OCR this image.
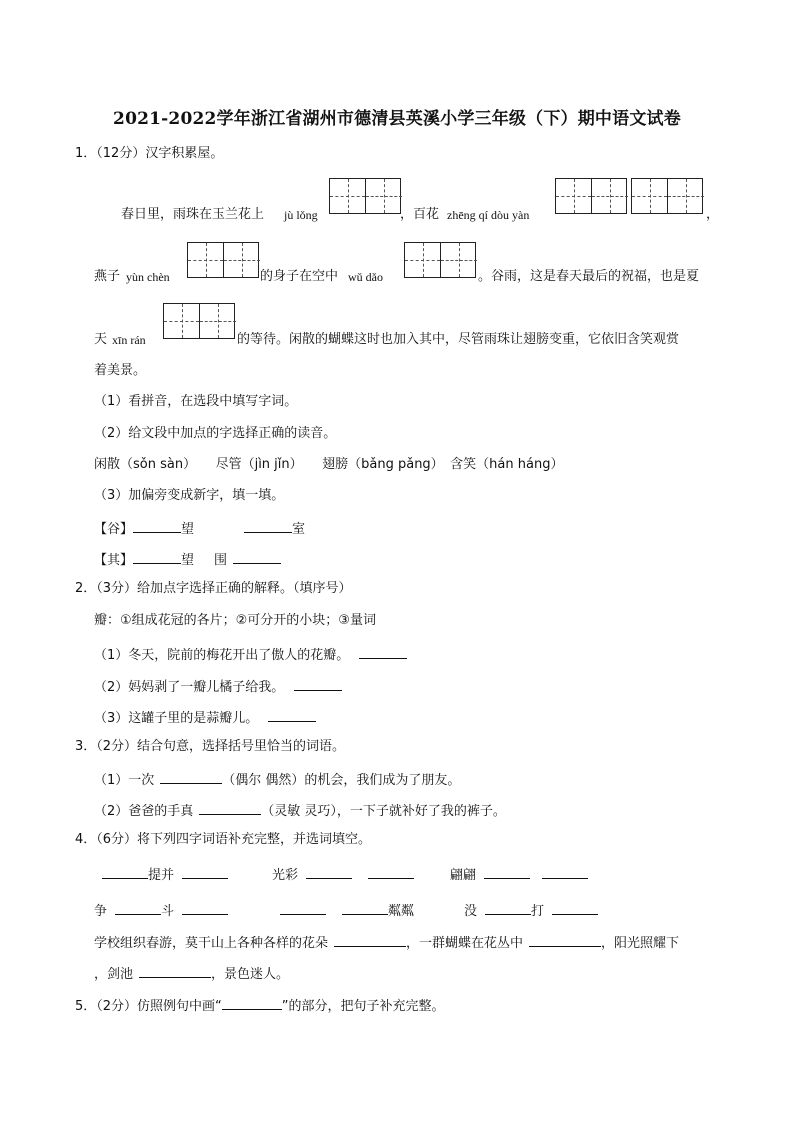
2021-2022学年浙江省湖州市德清县英溪小学三年级（下）期中语文试卷
1．（12分）汉字积累屋。
春日里，雨珠在玉兰花上 jù lǒng	，百花 zhēng qí dòu yàn	，
燕子 yùn chèn	的身子在空中 wǔ dǎo	。谷雨，这是春天最后的祝福，也是夏
天 xīn rán	的等待。闲散的蝴蝶这时也加入其中，尽管雨珠让翅膀变重，它依旧含笑观赏
着美景。
（1）看拼音，在选段中填写字词。
（2）给文段中加点的字选择正确的读音。
闲散（sǒn sàn）　　尽管（jìn jǐn）　　翅膀（bǎng pǎng）　含笑（hán háng）
（3）加偏旁变成新字，填一填。
【谷】	望	室
【其】	望 围
2．（3分）给加点字选择正确的解释。（填序号）
瓣：①组成花冠的各片；②可分开的小块；③量词
（1）冬天，院前的梅花开出了傲人的花瓣。
（2）妈妈剥了一瓣儿橘子给我。
（3）这罐子里的是蒜瓣儿。
3．（2分）结合句意，选择括号里恰当的词语。
（1）一次	（偶尔 偶然）的机会，我们成为了朋友。
（2）爸爸的手真	（灵敏 灵巧），一下子就补好了我的裤子。
4．（6分）将下列四字词语补充完整，并选词填空。
提并	光彩	翩翩
争	斗	粼粼	没	打
学校组织春游，莫干山上各种各样的花朵	，一群蝴蝶在花丛中	，阳光照耀下
，剑池	，景色迷人。
5．（2分）仿照例句中画“	”的部分，把句子补充完整。
